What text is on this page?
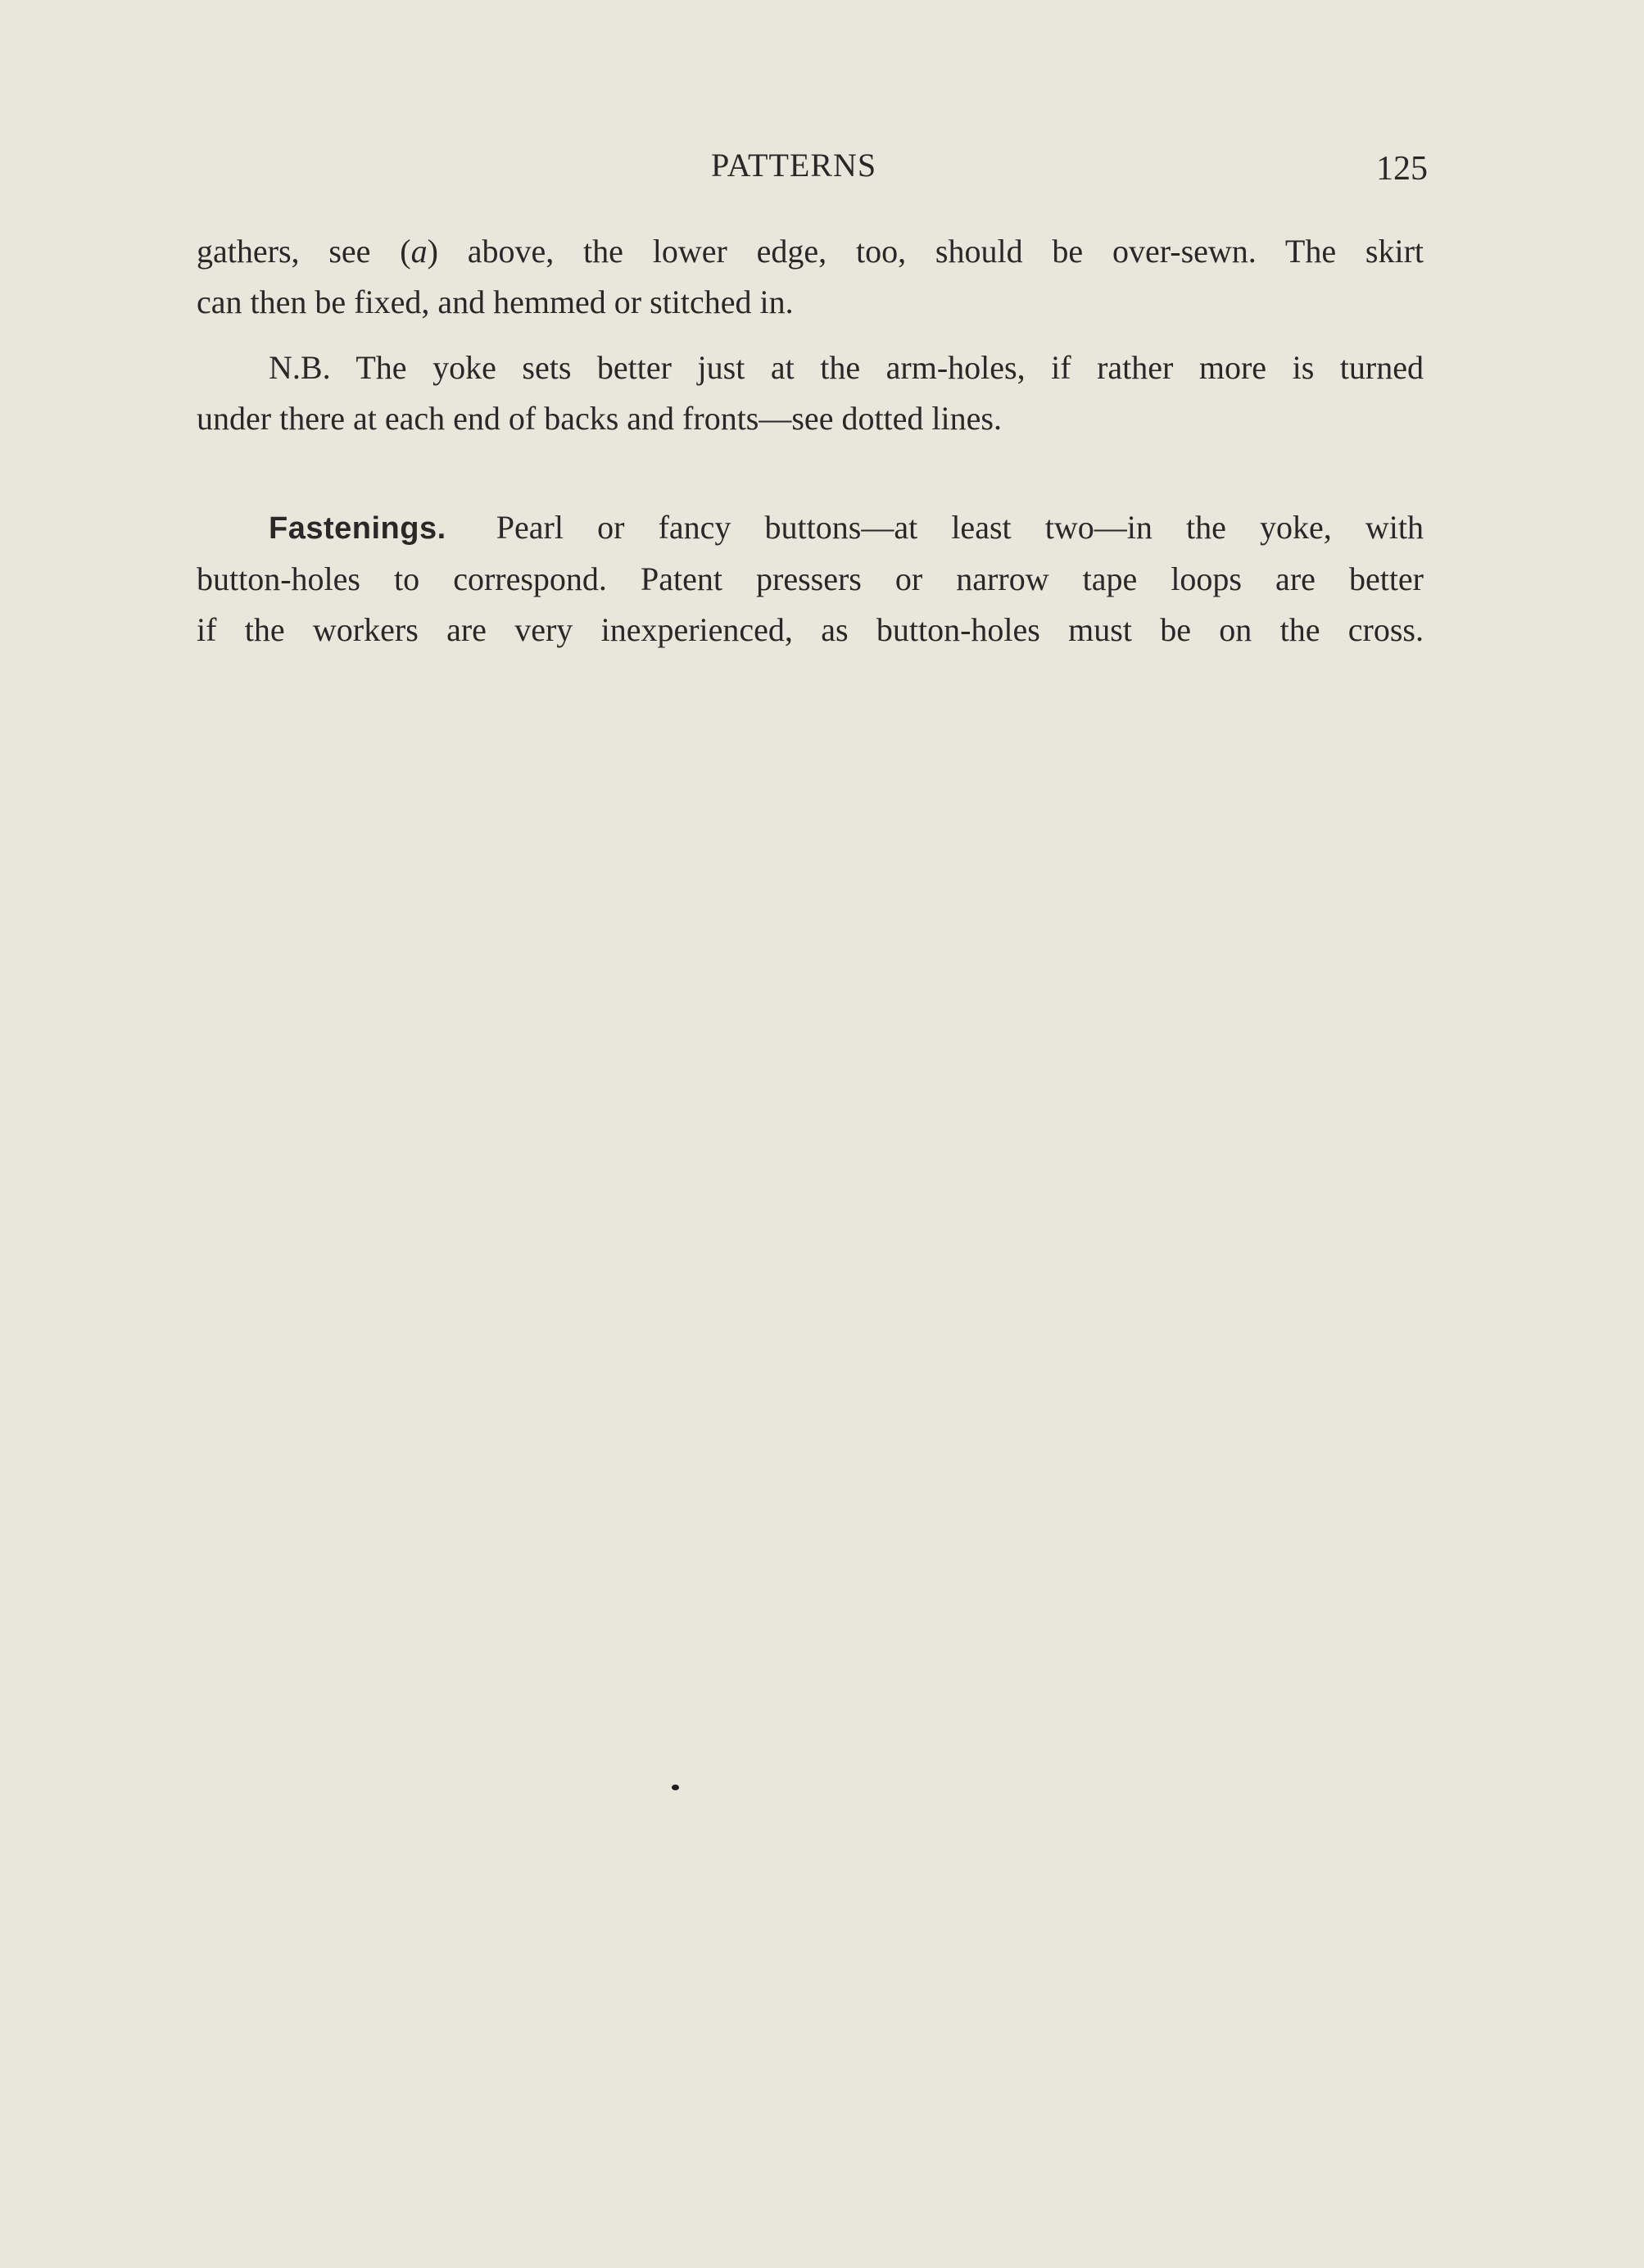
PATTERNS	125
gathers, see (a) above, the lower edge, too, should be over-sewn. The skirt
can then be fixed, and hemmed or stitched in.
N.B. The yoke sets better just at the arm-holes, if rather more is turned
under there at each end of backs and fronts—see dotted lines.
Fastenings.  Pearl or fancy buttons—at least two—in the yoke, with
button-holes to correspond. Patent pressers or narrow tape loops are better
if the workers are very inexperienced, as button-holes must be on the cross.
